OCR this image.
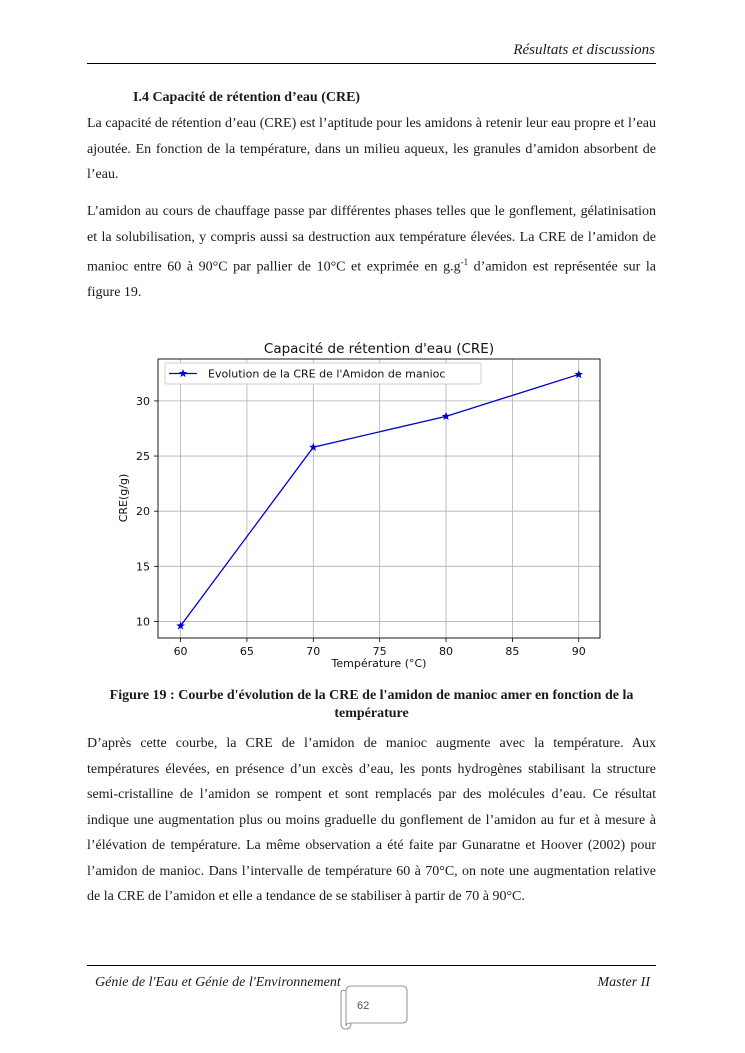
Résultats et discussions
I.4 Capacité de rétention d’eau (CRE)

La capacité de rétention d’eau (CRE) est l’aptitude pour les amidons à retenir leur eau propre et l’eau ajoutée. En fonction de la température, dans un milieu aqueux, les granules d’amidon absorbent de l’eau.

L’amidon au cours de chauffage passe par différentes phases telles que le gonflement, gélatinisation et la solubilisation, y compris aussi sa destruction aux température élevées. La CRE de l’amidon de manioc entre 60 à 90°C par pallier de 10°C et exprimée en $g.g^{-1}$ d’amidon est représentée sur la figure 19.

Capacité de rétention d'eau (CRE)
60	65	70	75	80	85	90
10
15
20
25
30
Evolution de la CRE de l'Amidon de manioc
Température (°C)
CRE(g/g)
Figure 19 : Courbe d'évolution de la CRE de l'amidon de manioc amer en fonction de la température

D’après cette courbe, la CRE de l’amidon de manioc augmente avec la température. Aux températures élevées, en présence d’un excès d’eau, les ponts hydrogènes stabilisant la structure semi-cristalline de l’amidon se rompent et sont remplacés par des molécules d’eau. Ce résultat indique une augmentation plus ou moins graduelle du gonflement de l’amidon au fur et à mesure à l’élévation de température. La même observation a été faite par Gunaratne et Hoover (2002) pour l’amidon de manioc. Dans l’intervalle de température 60 à 70°C, on note une augmentation relative de la CRE de l’amidon et elle a tendance de se stabiliser à partir de 70 à 90°C.

Génie de l'Eau et Génie de l'Environnement	Master II
62
